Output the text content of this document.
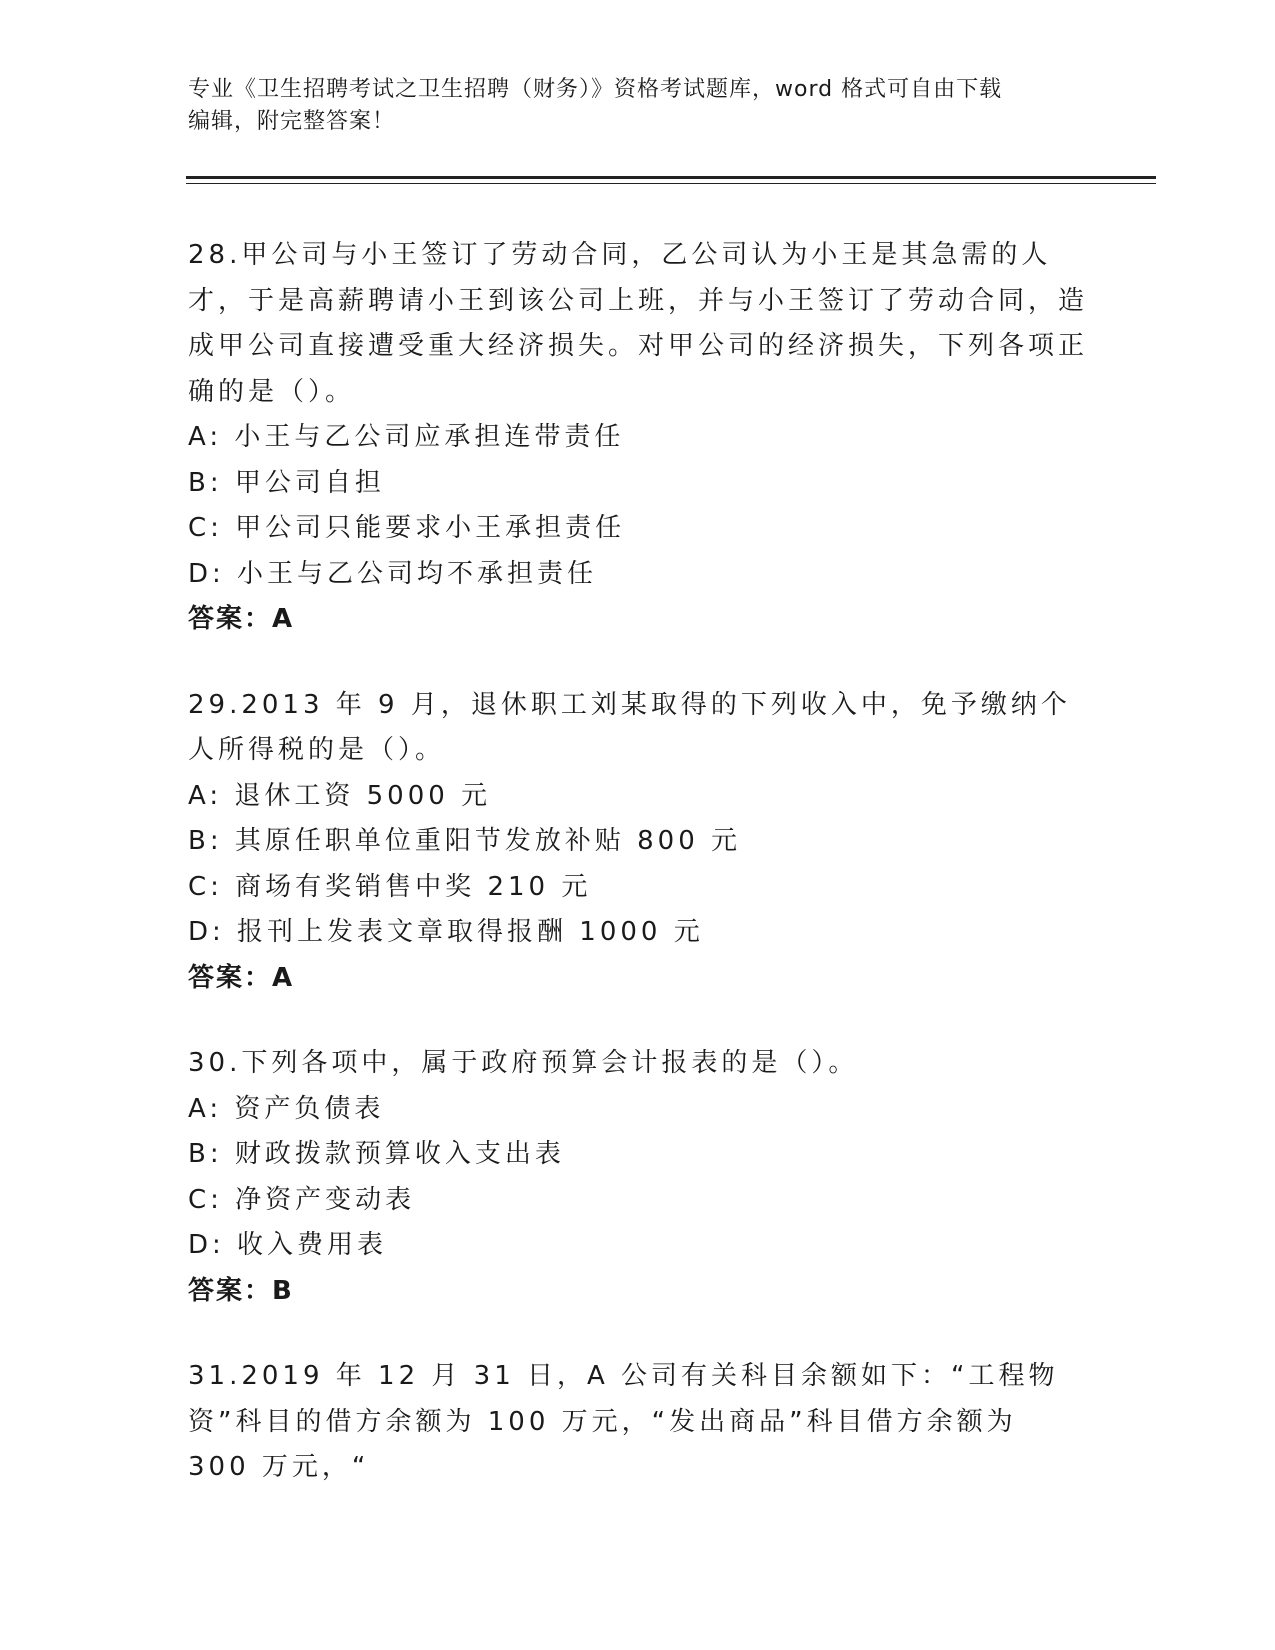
专业《卫生招聘考试之卫生招聘（财务）》资格考试题库，word 格式可自由下载
编辑，附完整答案！
28.甲公司与小王签订了劳动合同，乙公司认为小王是其急需的人才，于是高薪聘请小王到该公司上班，并与小王签订了劳动合同，造成甲公司直接遭受重大经济损失。对甲公司的经济损失，下列各项正确的是（）。
A: 小王与乙公司应承担连带责任
B: 甲公司自担
C: 甲公司只能要求小王承担责任
D: 小王与乙公司均不承担责任
答案：A
29.2013 年 9 月，退休职工刘某取得的下列收入中，免予缴纳个人所得税的是（）。
A: 退休工资 5000 元
B: 其原任职单位重阳节发放补贴 800 元
C: 商场有奖销售中奖 210 元
D: 报刊上发表文章取得报酬 1000 元
答案：A
30.下列各项中，属于政府预算会计报表的是（）。
A: 资产负债表
B: 财政拨款预算收入支出表
C: 净资产变动表
D: 收入费用表
答案：B
31.2019 年 12 月 31 日，A 公司有关科目余额如下：“工程物资”科目的借方余额为 100 万元，“发出商品”科目借方余额为 300 万元，“
